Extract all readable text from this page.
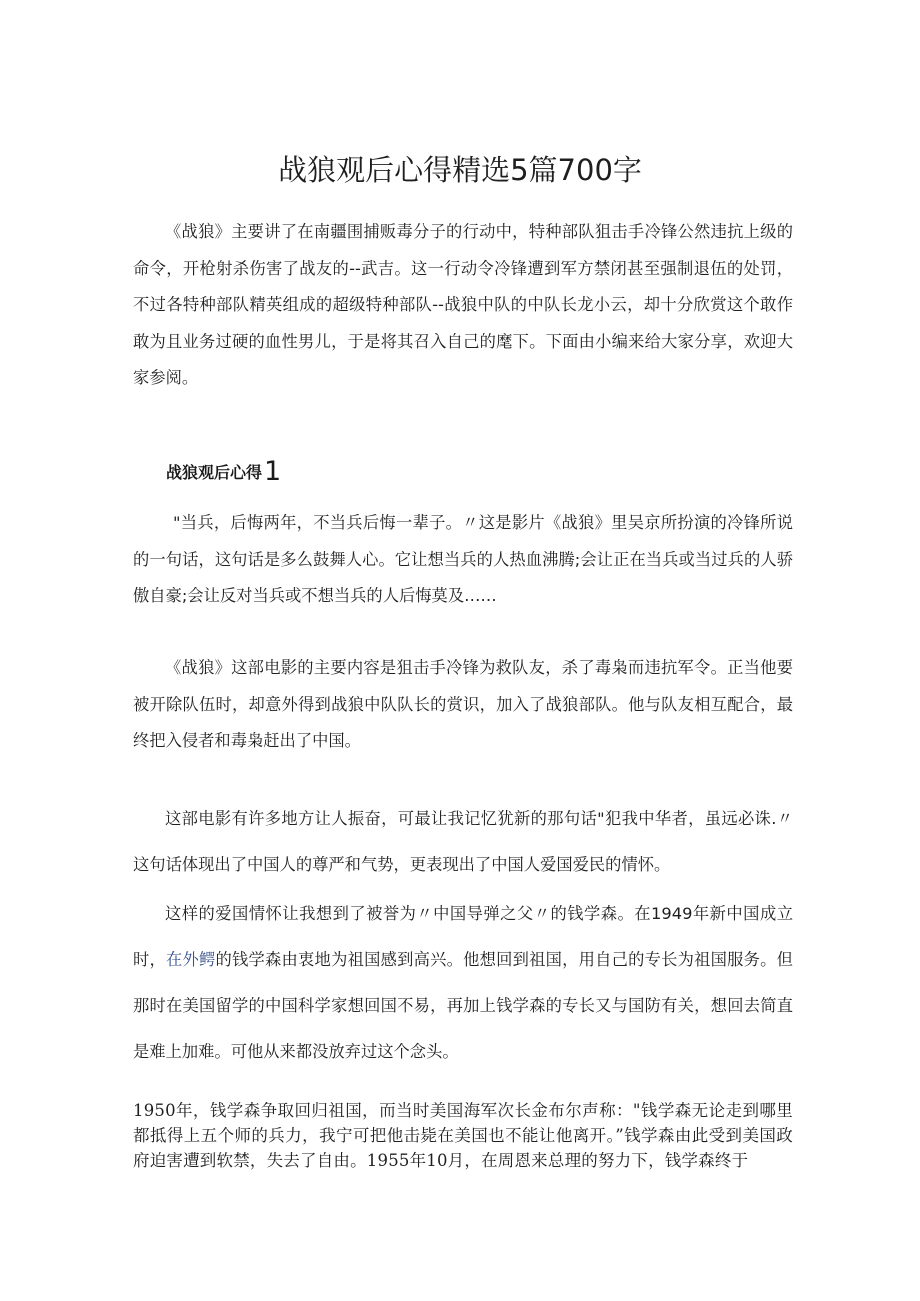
战狼观后心得精选5篇700字
《战狼》主要讲了在南疆围捕贩毒分子的行动中，特种部队狙击手冷锋公然违抗上级的命令，开枪射杀伤害了战友的--武吉。这一行动令冷锋遭到军方禁闭甚至强制退伍的处罚，不过各特种部队精英组成的超级特种部队--战狼中队的中队长龙小云，却十分欣赏这个敢作敢为且业务过硬的血性男儿，于是将其召入自己的麾下。下面由小编来给大家分享，欢迎大家参阅。
战狼观后心得1
"当兵，后悔两年，不当兵后悔一辈子。〃这是影片《战狼》里吴京所扮演的冷锋所说的一句话，这句话是多么鼓舞人心。它让想当兵的人热血沸腾;会让正在当兵或当过兵的人骄傲自豪;会让反对当兵或不想当兵的人后悔莫及……
《战狼》这部电影的主要内容是狙击手冷锋为救队友，杀了毒枭而违抗军令。正当他要被开除队伍时，却意外得到战狼中队队长的赏识，加入了战狼部队。他与队友相互配合，最终把入侵者和毒枭赶出了中国。
这部电影有许多地方让人振奋，可最让我记忆犹新的那句话"犯我中华者，虽远必诛.〃这句话体现出了中国人的尊严和气势，更表现出了中国人爱国爱民的情怀。
这样的爱国情怀让我想到了被誉为〃中国导弹之父〃的钱学森。在1949年新中国成立时，在外鳄的钱学森由衷地为祖国感到高兴。他想回到祖国，用自己的专长为祖国服务。但那时在美国留学的中国科学家想回国不易，再加上钱学森的专长又与国防有关，想回去简直是难上加难。可他从来都没放弃过这个念头。
1950年，钱学森争取回归祖国，而当时美国海军次长金布尔声称："钱学森无论走到哪里都抵得上五个师的兵力，我宁可把他击毙在美国也不能让他离开。”钱学森由此受到美国政府迫害遭到软禁，失去了自由。1955年10月，在周恩来总理的努力下，钱学森终于
